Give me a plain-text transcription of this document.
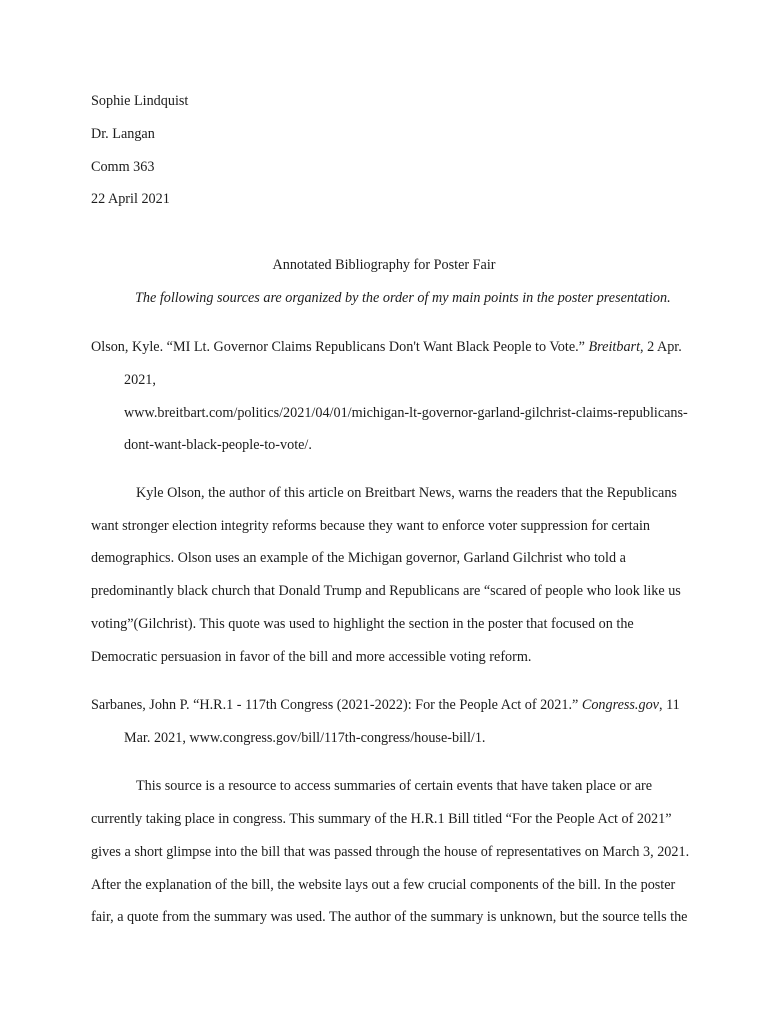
Sophie Lindquist
Dr. Langan
Comm 363
22 April 2021
Annotated Bibliography for Poster Fair
The following sources are organized by the order of my main points in the poster presentation.
Olson, Kyle. “MI Lt. Governor Claims Republicans Don't Want Black People to Vote.” Breitbart, 2 Apr.
2021,
www.breitbart.com/politics/2021/04/01/michigan-lt-governor-garland-gilchrist-claims-republicans-
dont-want-black-people-to-vote/.
Kyle Olson, the author of this article on Breitbart News, warns the readers that the Republicans
want stronger election integrity reforms because they want to enforce voter suppression for certain
demographics. Olson uses an example of the Michigan governor, Garland Gilchrist who told a
predominantly black church that Donald Trump and Republicans are “scared of people who look like us
voting”(Gilchrist). This quote was used to highlight the section in the poster that focused on the
Democratic persuasion in favor of the bill and more accessible voting reform.
Sarbanes, John P. “H.R.1 - 117th Congress (2021-2022): For the People Act of 2021.” Congress.gov, 11
Mar. 2021, www.congress.gov/bill/117th-congress/house-bill/1.
This source is a resource to access summaries of certain events that have taken place or are
currently taking place in congress. This summary of the H.R.1 Bill titled “For the People Act of 2021”
gives a short glimpse into the bill that was passed through the house of representatives on March 3, 2021.
After the explanation of the bill, the website lays out a few crucial components of the bill. In the poster
fair, a quote from the summary was used. The author of the summary is unknown, but the source tells the
